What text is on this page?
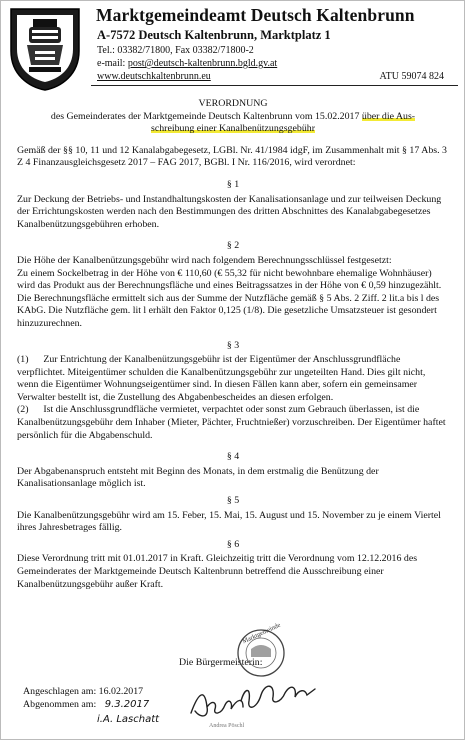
Marktgemeindeamt Deutsch Kaltenbrunn
A-7572 Deutsch Kaltenbrunn, Marktplatz 1
Tel.: 03382/71800, Fax 03382/71800-2
e-mail: post@deutsch-kaltenbrunn.bgld.gv.at
www.deutschkaltenbrunn.eu	ATU 59074 824
VERORDNUNG
des Gemeinderates der Marktgemeinde Deutsch Kaltenbrunn vom 15.02.2017 über die Aus-
schreibung einer Kanalbenützungsgebühr

Gemäß der §§ 10, 11 und 12 Kanalabgabegesetz, LGBl. Nr. 41/1984 idgF, im Zusammenhalt mit § 17 Abs. 3 Z 4 Finanzausgleichsgesetz 2017 – FAG 2017, BGBl. I Nr. 116/2016, wird verordnet:

§ 1

Zur Deckung der Betriebs- und Instandhaltungskosten der Kanalisationsanlage und zur teilweisen Deckung der Errichtungskosten werden nach den Bestimmungen des dritten Abschnittes des Kanalabgabegesetzes Kanalbenützungsgebühren erhoben.

§ 2

Die Höhe der Kanalbenützungsgebühr wird nach folgendem Berechnungsschlüssel festgesetzt:

Zu einem Sockelbetrag in der Höhe von € 110,60 (€ 55,32 für nicht bewohnbare ehemalige Wohnhäuser) wird das Produkt aus der Berechnungsfläche und eines Beitragssatzes in der Höhe von € 0,59 hinzugezählt.

Die Berechnungsfläche ermittelt sich aus der Summe der Nutzfläche gemäß § 5 Abs. 2 Ziff. 2 lit.a bis l des KAbG. Die Nutzfläche gem. lit l erhält den Faktor 0,125 (1/8). Die gesetzliche Umsatzsteuer ist gesondert hinzuzurechnen.

§ 3

(1)      Zur Entrichtung der Kanalbenützungsgebühr ist der Eigentümer der Anschlussgrundfläche verpflichtet. Miteigentümer schulden die Kanalbenützungsgebühr zur ungeteilten Hand. Dies gilt nicht, wenn die Eigentümer Wohnungseigentümer sind. In diesen Fällen kann aber, sofern ein gemeinsamer Verwalter bestellt ist, die Zustellung des Abgabenbescheides an diesen erfolgen.

(2)      Ist die Anschlussgrundfläche vermietet, verpachtet oder sonst zum Gebrauch überlassen, ist die Kanalbenützungsgebühr dem Inhaber (Mieter, Pächter, Fruchtnießer) vorzuschreiben. Der Eigentümer haftet persönlich für die Abgabenschuld.

§ 4

Der Abgabenanspruch entsteht mit Beginn des Monats, in dem erstmalig die Benützung der Kanalisationsanlage möglich ist.

§ 5

Die Kanalbenützungsgebühr wird am 15. Feber, 15. Mai, 15. August und 15. November zu je einem Viertel ihres Jahresbetrages fällig.

§ 6

Diese Verordnung tritt mit 01.01.2017 in Kraft. Gleichzeitig tritt die Verordnung vom 12.12.2016 des Gemeinderates der Marktgemeinde Deutsch Kaltenbrunn betreffend die Ausschreibung einer Kanalbenützungsgebühr außer Kraft.

Die Bürgermeisterin:
Marktgemeinde
Andrea Pöschl
Angeschlagen am: 16.02.2017
Abgenommen am: 9.3.2017
i.A. Laschatt
